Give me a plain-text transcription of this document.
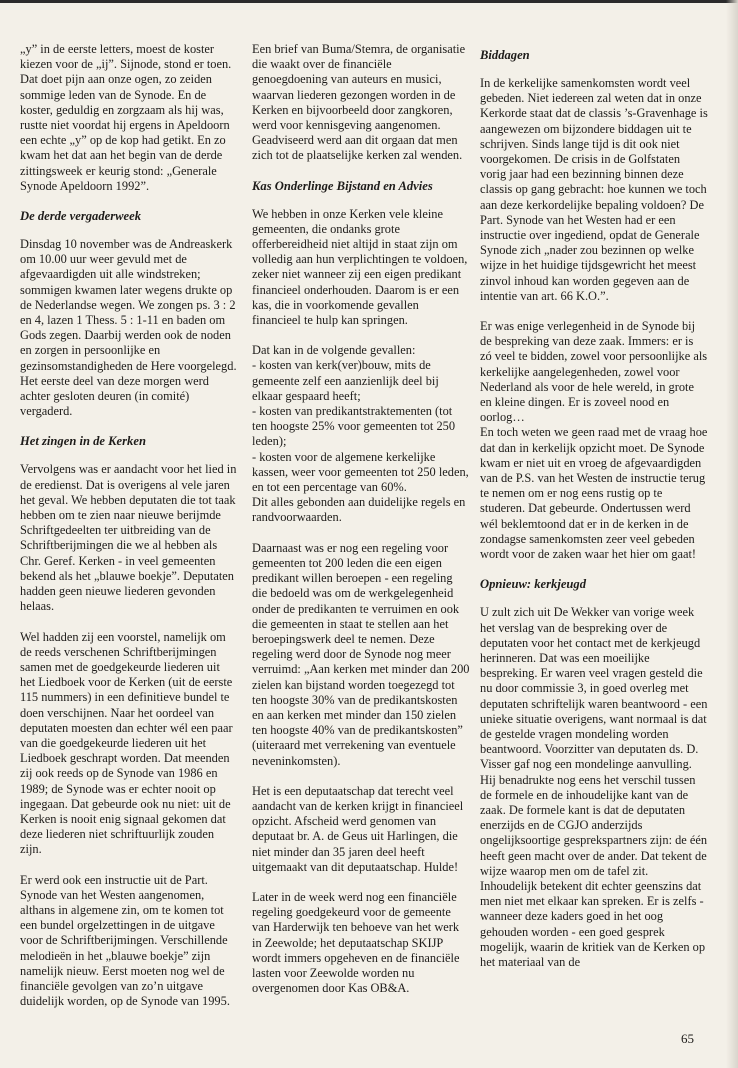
„y” in de eerste letters, moest de koster kiezen voor de „ij”. Sijnode, stond er toen. Dat doet pijn aan onze ogen, zo zeiden sommige leden van de Synode. En de koster, geduldig en zorgzaam als hij was, rustte niet voordat hij ergens in Apeldoorn een echte „y” op de kop had getikt. En zo kwam het dat aan het begin van de derde zittingsweek er keurig stond: „Generale Synode Apeldoorn 1992”.

De derde vergaderweek

Dinsdag 10 november was de Andreaskerk om 10.00 uur weer gevuld met de afgevaardigden uit alle windstreken; sommigen kwamen later wegens drukte op de Nederlandse wegen. We zongen ps. 3 : 2 en 4, lazen 1 Thess. 5 : 1-11 en baden om Gods zegen. Daarbij werden ook de noden en zorgen in persoonlijke en gezinsomstandigheden de Here voorgelegd. Het eerste deel van deze morgen werd achter gesloten deuren (in comité) vergaderd.

Het zingen in de Kerken

Vervolgens was er aandacht voor het lied in de eredienst. Dat is overigens al vele jaren het geval. We hebben deputaten die tot taak hebben om te zien naar nieuwe berijmde Schriftgedeelten ter uitbreiding van de Schriftberijmingen die we al hebben als Chr. Geref. Kerken - in veel gemeenten bekend als het „blauwe boekje”. Deputaten hadden geen nieuwe liederen gevonden helaas.

Wel hadden zij een voorstel, namelijk om de reeds verschenen Schriftberijmingen samen met de goedgekeurde liederen uit het Liedboek voor de Kerken (uit de eerste 115 nummers) in een definitieve bundel te doen verschijnen. Naar het oordeel van deputaten moesten dan echter wél een paar van die goedgekeurde liederen uit het Liedboek geschrapt worden. Dat meenden zij ook reeds op de Synode van 1986 en 1989; de Synode was er echter nooit op ingegaan. Dat gebeurde ook nu niet: uit de Kerken is nooit enig signaal gekomen dat deze liederen niet schriftuurlijk zouden zijn.

Er werd ook een instructie uit de Part. Synode van het Westen aangenomen, althans in algemene zin, om te komen tot een bundel orgelzettingen in de uitgave voor de Schriftberijmingen. Verschillende melodieën in het „blauwe boekje” zijn namelijk nieuw. Eerst moeten nog wel de financiële gevolgen van zo’n uitgave duidelijk worden, op de Synode van 1995.

Een brief van Buma/Stemra, de organisatie die waakt over de financiële genoegdoening van auteurs en musici, waarvan liederen gezongen worden in de Kerken en bijvoorbeeld door zangkoren, werd voor kennisgeving aangenomen. Geadviseerd werd aan dit orgaan dat men zich tot de plaatselijke kerken zal wenden.

Kas Onderlinge Bijstand en Advies

We hebben in onze Kerken vele kleine gemeenten, die ondanks grote offerbereidheid niet altijd in staat zijn om volledig aan hun verplichtingen te voldoen, zeker niet wanneer zij een eigen predikant financieel onderhouden. Daarom is er een kas, die in voorkomende gevallen financieel te hulp kan springen.

Dat kan in de volgende gevallen:
- kosten van kerk(ver)bouw, mits de gemeente zelf een aanzienlijk deel bij elkaar gespaard heeft;
- kosten van predikantstraktementen (tot ten hoogste 25% voor gemeenten tot 250 leden);
- kosten voor de algemene kerkelijke kassen, weer voor gemeenten tot 250 leden, en tot een percentage van 60%.
Dit alles gebonden aan duidelijke regels en randvoorwaarden.

Daarnaast was er nog een regeling voor gemeenten tot 200 leden die een eigen predikant willen beroepen - een regeling die bedoeld was om de werkgelegenheid onder de predikanten te verruimen en ook die gemeenten in staat te stellen aan het beroepingswerk deel te nemen. Deze regeling werd door de Synode nog meer verruimd: „Aan kerken met minder dan 200 zielen kan bijstand worden toegezegd tot ten hoogste 30% van de predikantskosten en aan kerken met minder dan 150 zielen ten hoogste 40% van de predikantskosten” (uiteraard met verrekening van eventuele neveninkomsten).

Het is een deputaatschap dat terecht veel aandacht van de kerken krijgt in financieel opzicht. Afscheid werd genomen van deputaat br. A. de Geus uit Harlingen, die niet minder dan 35 jaren deel heeft uitgemaakt van dit deputaatschap. Hulde!

Later in de week werd nog een financiële regeling goedgekeurd voor de gemeente van Harderwijk ten behoeve van het werk in Zeewolde; het deputaatschap SKIJP wordt immers opgeheven en de financiële lasten voor Zeewolde worden nu overgenomen door Kas OB&A.

Biddagen

In de kerkelijke samenkomsten wordt veel gebeden. Niet iedereen zal weten dat in onze Kerkorde staat dat de classis ’s-Gravenhage is aangewezen om bijzondere biddagen uit te schrijven. Sinds lange tijd is dit ook niet voorgekomen. De crisis in de Golfstaten vorig jaar had een bezinning binnen deze classis op gang gebracht: hoe kunnen we toch aan deze kerkordelijke bepaling voldoen? De Part. Synode van het Westen had er een instructie over ingediend, opdat de Generale Synode zich „nader zou bezinnen op welke wijze in het huidige tijdsgewricht het meest zinvol inhoud kan worden gegeven aan de intentie van art. 66 K.O.”.

Er was enige verlegenheid in de Synode bij de bespreking van deze zaak. Immers: er is zó veel te bidden, zowel voor persoonlijke als kerkelijke aangelegenheden, zowel voor Nederland als voor de hele wereld, in grote en kleine dingen. Er is zoveel nood en oorlog…
En toch weten we geen raad met de vraag hoe dat dan in kerkelijk opzicht moet. De Synode kwam er niet uit en vroeg de afgevaardigden van de P.S. van het Westen de instructie terug te nemen om er nog eens rustig op te studeren. Dat gebeurde. Ondertussen werd wél beklemtoond dat er in de kerken in de zondagse samenkomsten zeer veel gebeden wordt voor de zaken waar het hier om gaat!

Opnieuw: kerkjeugd

U zult zich uit De Wekker van vorige week het verslag van de bespreking over de deputaten voor het contact met de kerkjeugd herinneren. Dat was een moeilijke bespreking. Er waren veel vragen gesteld die nu door commissie 3, in goed overleg met deputaten schriftelijk waren beantwoord - een unieke situatie overigens, want normaal is dat de gestelde vragen mondeling worden beantwoord. Voorzitter van deputaten ds. D. Visser gaf nog een mondelinge aanvulling. Hij benadrukte nog eens het verschil tussen de formele en de inhoudelijke kant van de zaak. De formele kant is dat de deputaten enerzijds en de CGJO anderzijds ongelijksoortige gesprekspartners zijn: de één heeft geen macht over de ander. Dat tekent de wijze waarop men om de tafel zit. Inhoudelijk betekent dit echter geenszins dat men niet met elkaar kan spreken. Er is zelfs - wanneer deze kaders goed in het oog gehouden worden - een goed gesprek mogelijk, waarin de kritiek van de Kerken op het materiaal van de

65
